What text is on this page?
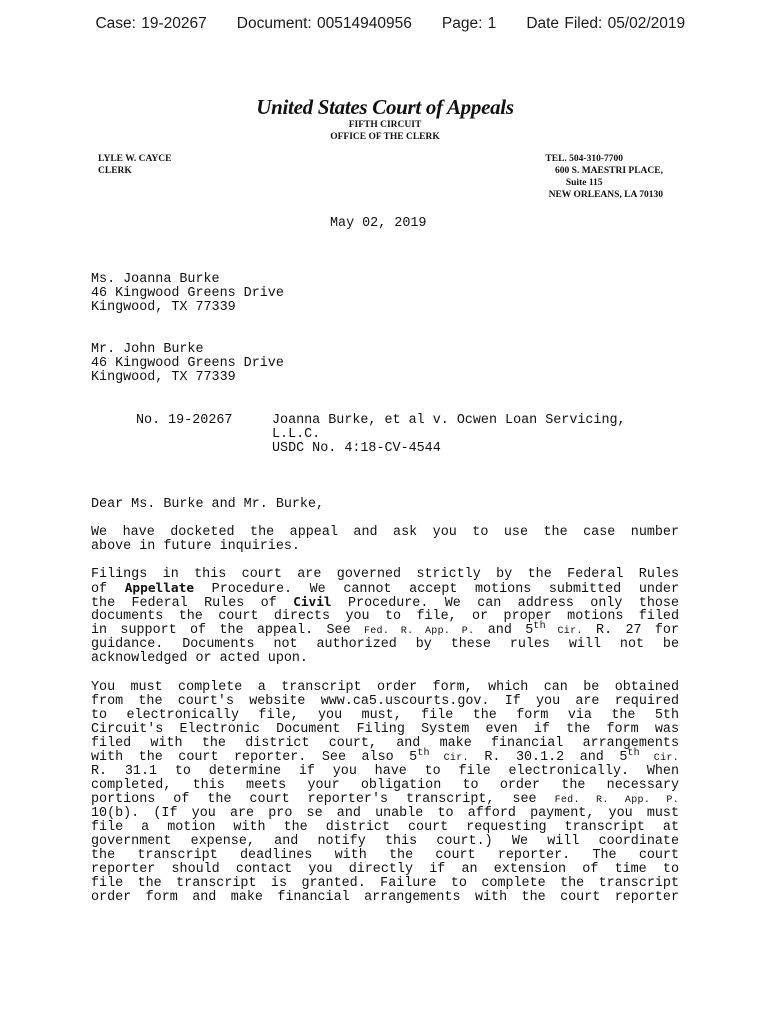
Case: 19-20267 Document: 00514940956 Page: 1 Date Filed: 05/02/2019

United States Court of Appeals
FIFTH CIRCUIT
OFFICE OF THE CLERK
LYLE W. CAYCE
CLERK
TEL. 504-310-7700
600 S. MAESTRI PLACE,
Suite 115
NEW ORLEANS, LA 70130
May 02, 2019
Ms. Joanna Burke
46 Kingwood Greens Drive
Kingwood, TX 77339
Mr. John Burke
46 Kingwood Greens Drive
Kingwood, TX 77339
No. 19-20267	Joanna Burke, et al v. Ocwen Loan Servicing,
L.L.C.
USDC No. 4:18-CV-4544
Dear Ms. Burke and Mr. Burke,
We have docketed the appeal and ask you to use the case number
above in future inquiries.
Filings in this court are governed strictly by the Federal Rules
of Appellate Procedure. We cannot accept motions submitted under
the Federal Rules of Civil Procedure. We can address only those
documents the court directs you to file, or proper motions filed
in support of the appeal. See Fed. R. App. P. and 5th Cir. R. 27 for
guidance. Documents not authorized by these rules will not be
acknowledged or acted upon.
You must complete a transcript order form, which can be obtained
from the court's website www.ca5.uscourts.gov. If you are required
to electronically file, you must, file the form via the 5th
Circuit's Electronic Document Filing System even if the form was
filed with the district court, and make financial arrangements
with the court reporter. See also 5th Cir. R. 30.1.2 and 5th Cir.
R. 31.1 to determine if you have to file electronically. When
completed, this meets your obligation to order the necessary
portions of the court reporter's transcript, see Fed. R. App. P.
10(b). (If you are pro se and unable to afford payment, you must
file a motion with the district court requesting transcript at
government expense, and notify this court.) We will coordinate
the transcript deadlines with the court reporter. The court
reporter should contact you directly if an extension of time to
file the transcript is granted. Failure to complete the transcript
order form and make financial arrangements with the court reporter
